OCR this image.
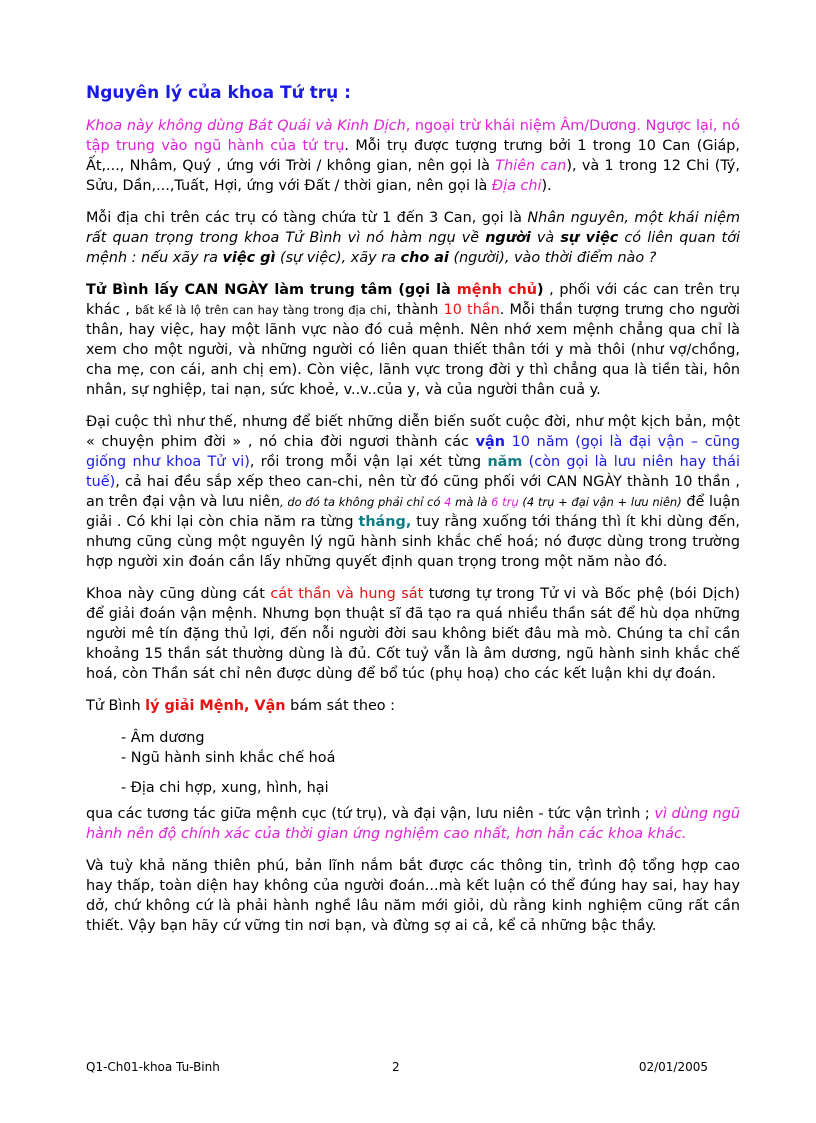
Nguyên lý của khoa Tứ trụ :

Khoa này không dùng Bát Quái và Kinh Dịch, ngoại trừ khái niệm Âm/Dương. Ngược lại, nó tập trung vào ngũ hành của tứ trụ. Mỗi trụ được tượng trưng bởi 1 trong 10 Can (Giáp, Ất,..., Nhâm, Quý , ứng với Trời / không gian, nên gọi là Thiên can), và 1 trong 12 Chi (Tý, Sửu, Dần,...,Tuất, Hợi, ứng với Đất / thời gian, nên gọi là Địa chi).

Mỗi địa chi trên các trụ có tàng chứa từ 1 đến 3 Can, gọi là Nhân nguyên, một khái niệm rất quan trọng trong khoa Tử Bình vì nó hàm ngụ về người và sự việc có liên quan tới mệnh : nếu xãy ra việc gì (sự việc), xãy ra cho ai (người), vào thời điểm nào ?

Tử Bình lấy CAN NGÀY làm trung tâm (gọi là mệnh chủ) , phối với các can trên trụ khác , bất kể là lộ trên can hay tàng trong địa chi, thành 10 thần. Mỗi thần tượng trưng cho người thân, hay việc, hay một lãnh vực nào đó cuả mệnh. Nên nhớ xem mệnh chẳng qua chỉ là xem cho một người, và những người có liên quan thiết thân tới y mà thôi (như vợ/chồng, cha mẹ, con cái, anh chị em). Còn việc, lãnh vực trong đời y thì chẳng qua là tiền tài, hôn nhân, sự nghiệp, tai nạn, sức khoẻ, v..v..của y, và của người thân cuả y.

Đại cuộc thì như thế, nhưng để biết những diễn biến suốt cuộc đời, như một kịch bản, một « chuyện phim đời » , nó chia đời ngươi thành các vận 10 năm (gọi là đại vận – cũng giống như khoa Tử vi), rồi trong mỗi vận lại xét từng năm (còn gọi là lưu niên hay thái tuế), cả hai đều sắp xếp theo can-chi, nên từ đó cũng phối với CAN NGÀY thành 10 thần , an trên đại vận và lưu niên, do đó ta không phải chỉ có 4 mà là 6 trụ (4 trụ + đại vận + lưu niên) để luận giải . Có khi lại còn chia năm ra từng tháng, tuy rằng xuống tới tháng thì ít khi dùng đến, nhưng cũng cùng một nguyên lý ngũ hành sinh khắc chế hoá; nó được dùng trong trường hợp người xin đoán cần lấy những quyết định quan trọng trong một năm nào đó.

Khoa này cũng dùng cát cát thần và hung sát tương tự trong Tử vi và Bốc phệ (bói Dịch) để giải đoán vận mệnh. Nhưng bọn thuật sĩ đã tạo ra quá nhiều thần sát để hù dọa những người mê tín đặng thủ lợi, đến nỗi người đời sau không biết đâu mà mò. Chúng ta chỉ cần khoảng 15 thần sát thường dùng là đủ. Cốt tuỷ vẫn là âm dương, ngũ hành sinh khắc chế hoá, còn Thần sát chỉ nên được dùng để bổ túc (phụ hoạ) cho các kết luận khi dự đoán.

Tử Bình lý giải Mệnh, Vận bám sát theo :

- Âm dương
- Ngũ hành sinh khắc chế hoá
- Địa chi hợp, xung, hình, hại

qua các tương tác giữa mệnh cục (tứ trụ), và đại vận, lưu niên - tức vận trình ; vì dùng ngũ hành nên độ chính xác của thời gian ứng nghiệm cao nhất, hơn hẳn các khoa khác.

Và tuỳ khả năng thiên phú, bản lĩnh nắm bắt được các thông tin, trình độ tổng hợp cao hay thấp, toàn diện hay không của người đoán...mà kết luận có thể đúng hay sai, hay hay dở, chứ không cứ là phải hành nghề lâu năm mới giỏi, dù rằng kinh nghiệm cũng rất cần thiết. Vậy bạn hãy cứ vững tin nơi bạn, và đừng sợ ai cả, kể cả những bậc thầy.

Q1-Ch01-khoa Tu-Binh	2	02/01/2005
